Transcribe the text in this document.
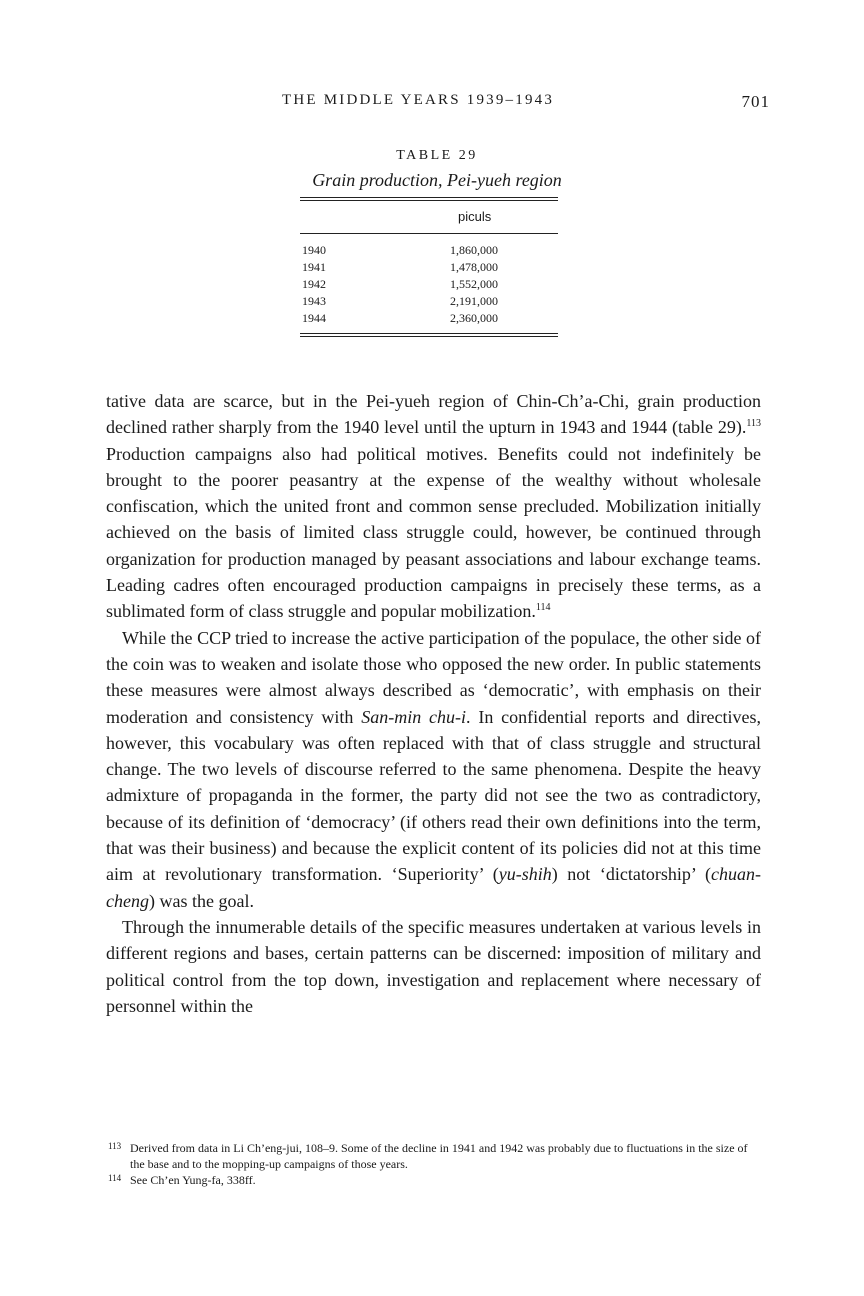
THE MIDDLE YEARS 1939–1943	701
TABLE 29
Grain production, Pei-yueh region
piculs
1940	1,860,000
1941	1,478,000
1942	1,552,000
1943	2,191,000
1944	2,360,000

tative data are scarce, but in the Pei-yueh region of Chin-Ch’a-Chi, grain production declined rather sharply from the 1940 level until the upturn in 1943 and 1944 (table 29).$^{113}$ Production campaigns also had political motives. Benefits could not indefinitely be brought to the poorer peasantry at the expense of the wealthy without wholesale confiscation, which the united front and common sense precluded. Mobilization initially achieved on the basis of limited class struggle could, however, be continued through organization for production managed by peasant associations and labour exchange teams. Leading cadres often encouraged production campaigns in precisely these terms, as a sublimated form of class struggle and popular mobilization.$^{114}$

While the CCP tried to increase the active participation of the populace, the other side of the coin was to weaken and isolate those who opposed the new order. In public statements these measures were almost always described as ‘democratic’, with emphasis on their moderation and consistency with San-min chu-i. In confidential reports and directives, however, this vocabulary was often replaced with that of class struggle and structural change. The two levels of discourse referred to the same phenomena. Despite the heavy admixture of propaganda in the former, the party did not see the two as contradictory, because of its definition of ‘democracy’ (if others read their own definitions into the term, that was their business) and because the explicit content of its policies did not at this time aim at revolutionary transformation. ‘Superiority’ (yu-shih) not ‘dictatorship’ (chuan-cheng) was the goal.

Through the innumerable details of the specific measures undertaken at various levels in different regions and bases, certain patterns can be discerned: imposition of military and political control from the top down, investigation and replacement where necessary of personnel within the

113 Derived from data in Li Ch’eng-jui, 108–9. Some of the decline in 1941 and 1942 was probably due to fluctuations in the size of the base and to the mopping-up campaigns of those years.
114 See Ch’en Yung-fa, 338ff.
